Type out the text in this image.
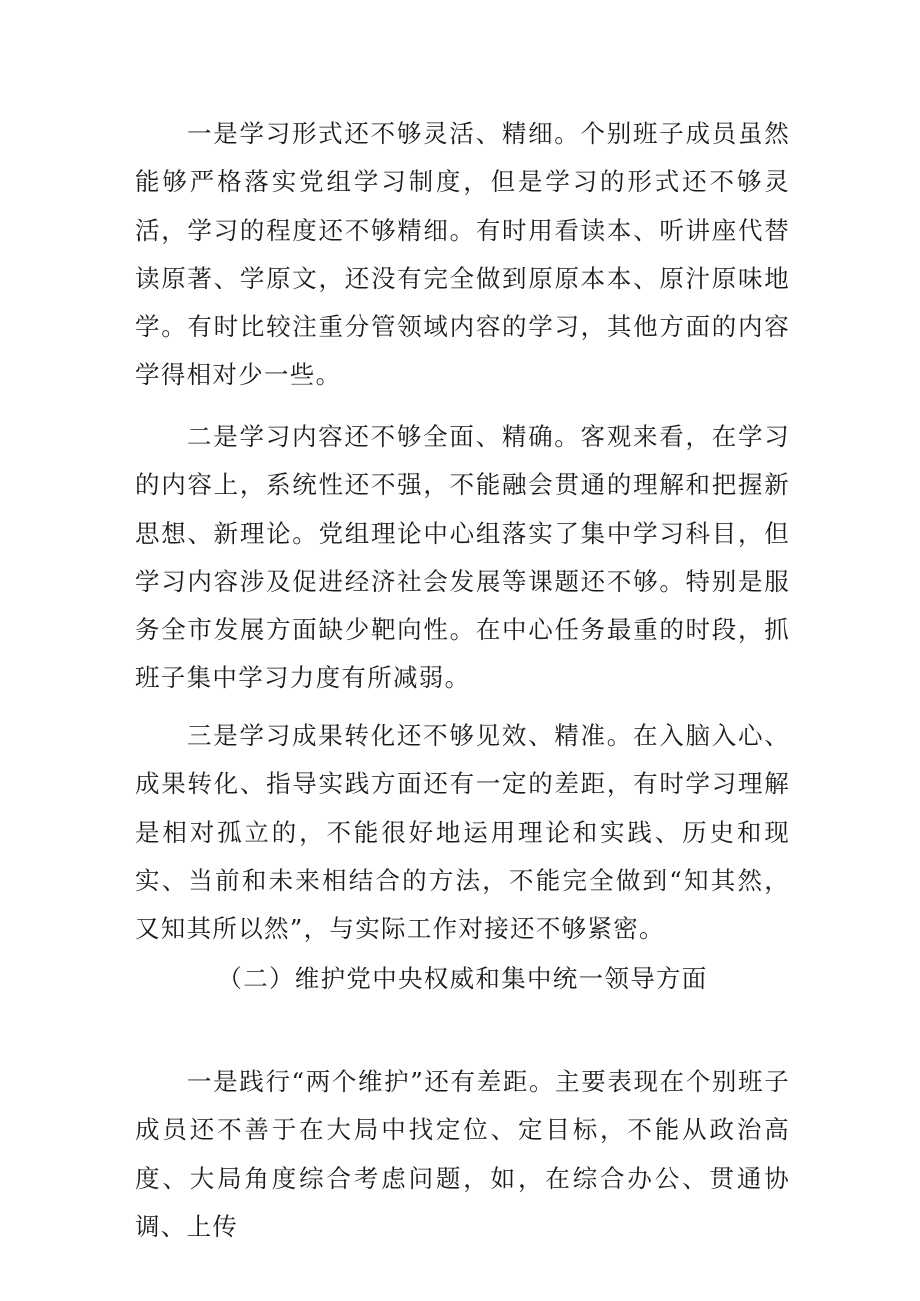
一是学习形式还不够灵活、精细。个别班子成员虽然能够严格落实党组学习制度，但是学习的形式还不够灵活，学习的程度还不够精细。有时用看读本、听讲座代替读原著、学原文，还没有完全做到原原本本、原汁原味地学。有时比较注重分管领域内容的学习，其他方面的内容学得相对少一些。

二是学习内容还不够全面、精确。客观来看，在学习的内容上，系统性还不强，不能融会贯通的理解和把握新思想、新理论。党组理论中心组落实了集中学习科目，但学习内容涉及促进经济社会发展等课题还不够。特别是服务全市发展方面缺少靶向性。在中心任务最重的时段，抓班子集中学习力度有所减弱。

三是学习成果转化还不够见效、精准。在入脑入心、成果转化、指导实践方面还有一定的差距，有时学习理解是相对孤立的，不能很好地运用理论和实践、历史和现实、当前和未来相结合的方法，不能完全做到“知其然，又知其所以然”，与实际工作对接还不够紧密。

（二）维护党中央权威和集中统一领导方面

一是践行“两个维护”还有差距。主要表现在个别班子成员还不善于在大局中找定位、定目标，不能从政治高度、大局角度综合考虑问题，如，在综合办公、贯通协调、上传
